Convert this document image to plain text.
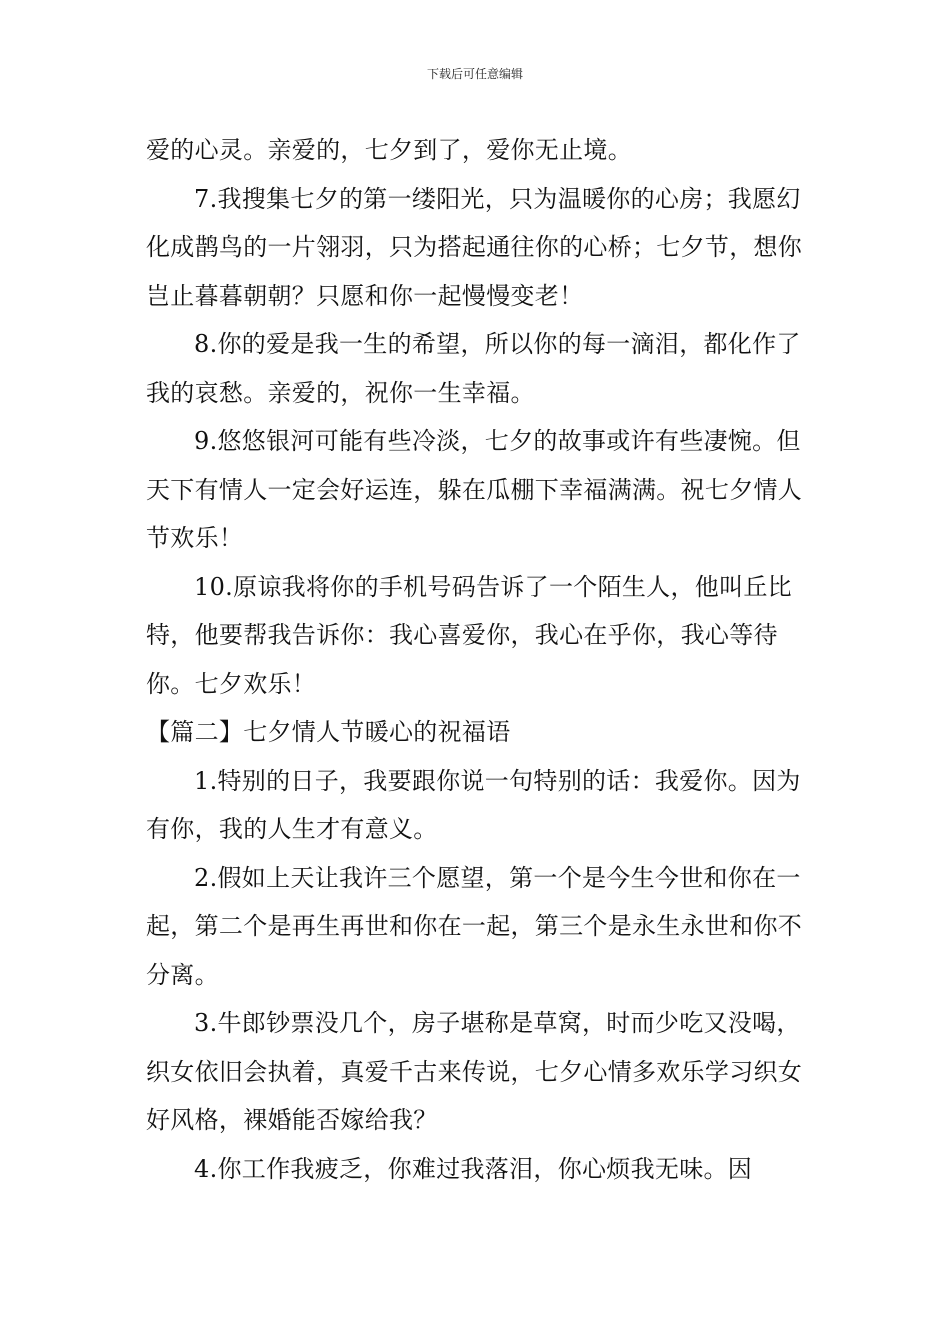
下载后可任意编辑

爱的心灵。亲爱的，七夕到了，爱你无止境。

7.我搜集七夕的第一缕阳光，只为温暖你的心房；我愿幻化成鹊鸟的一片翎羽，只为搭起通往你的心桥；七夕节，想你岂止暮暮朝朝？只愿和你一起慢慢变老！

8.你的爱是我一生的希望，所以你的每一滴泪，都化作了我的哀愁。亲爱的，祝你一生幸福。

9.悠悠银河可能有些冷淡，七夕的故事或许有些凄惋。但天下有情人一定会好运连，躲在瓜棚下幸福满满。祝七夕情人节欢乐！

10.原谅我将你的手机号码告诉了一个陌生人，他叫丘比特，他要帮我告诉你：我心喜爱你，我心在乎你，我心等待你。七夕欢乐！

【篇二】七夕情人节暖心的祝福语

1.特别的日子，我要跟你说一句特别的话：我爱你。因为有你，我的人生才有意义。

2.假如上天让我许三个愿望，第一个是今生今世和你在一起，第二个是再生再世和你在一起，第三个是永生永世和你不分离。

3.牛郎钞票没几个，房子堪称是草窝，时而少吃又没喝，织女依旧会执着，真爱千古来传说，七夕心情多欢乐学习织女好风格，裸婚能否嫁给我？

4.你工作我疲乏，你难过我落泪，你心烦我无味。因
